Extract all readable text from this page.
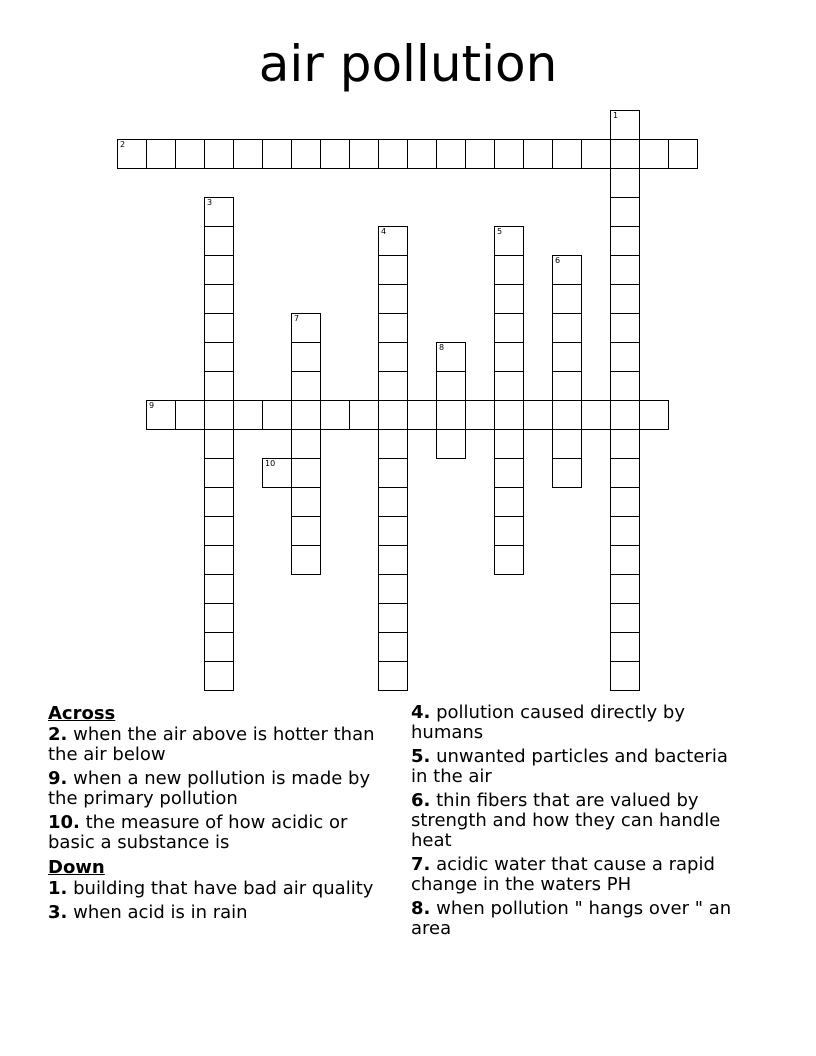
air pollution
1
2
3
4	5
6
7
8
9
10
Across
2. when the air above is hotter than the air below
9. when a new pollution is made by the primary pollution
10. the measure of how acidic or basic a substance is
Down
1. building that have bad air quality
3. when acid is in rain
4. pollution caused directly by humans
5. unwanted particles and bacteria in the air
6. thin fibers that are valued by strength and how they can handle heat
7. acidic water that cause a rapid change in the waters PH
8. when pollution " hangs over " an area
